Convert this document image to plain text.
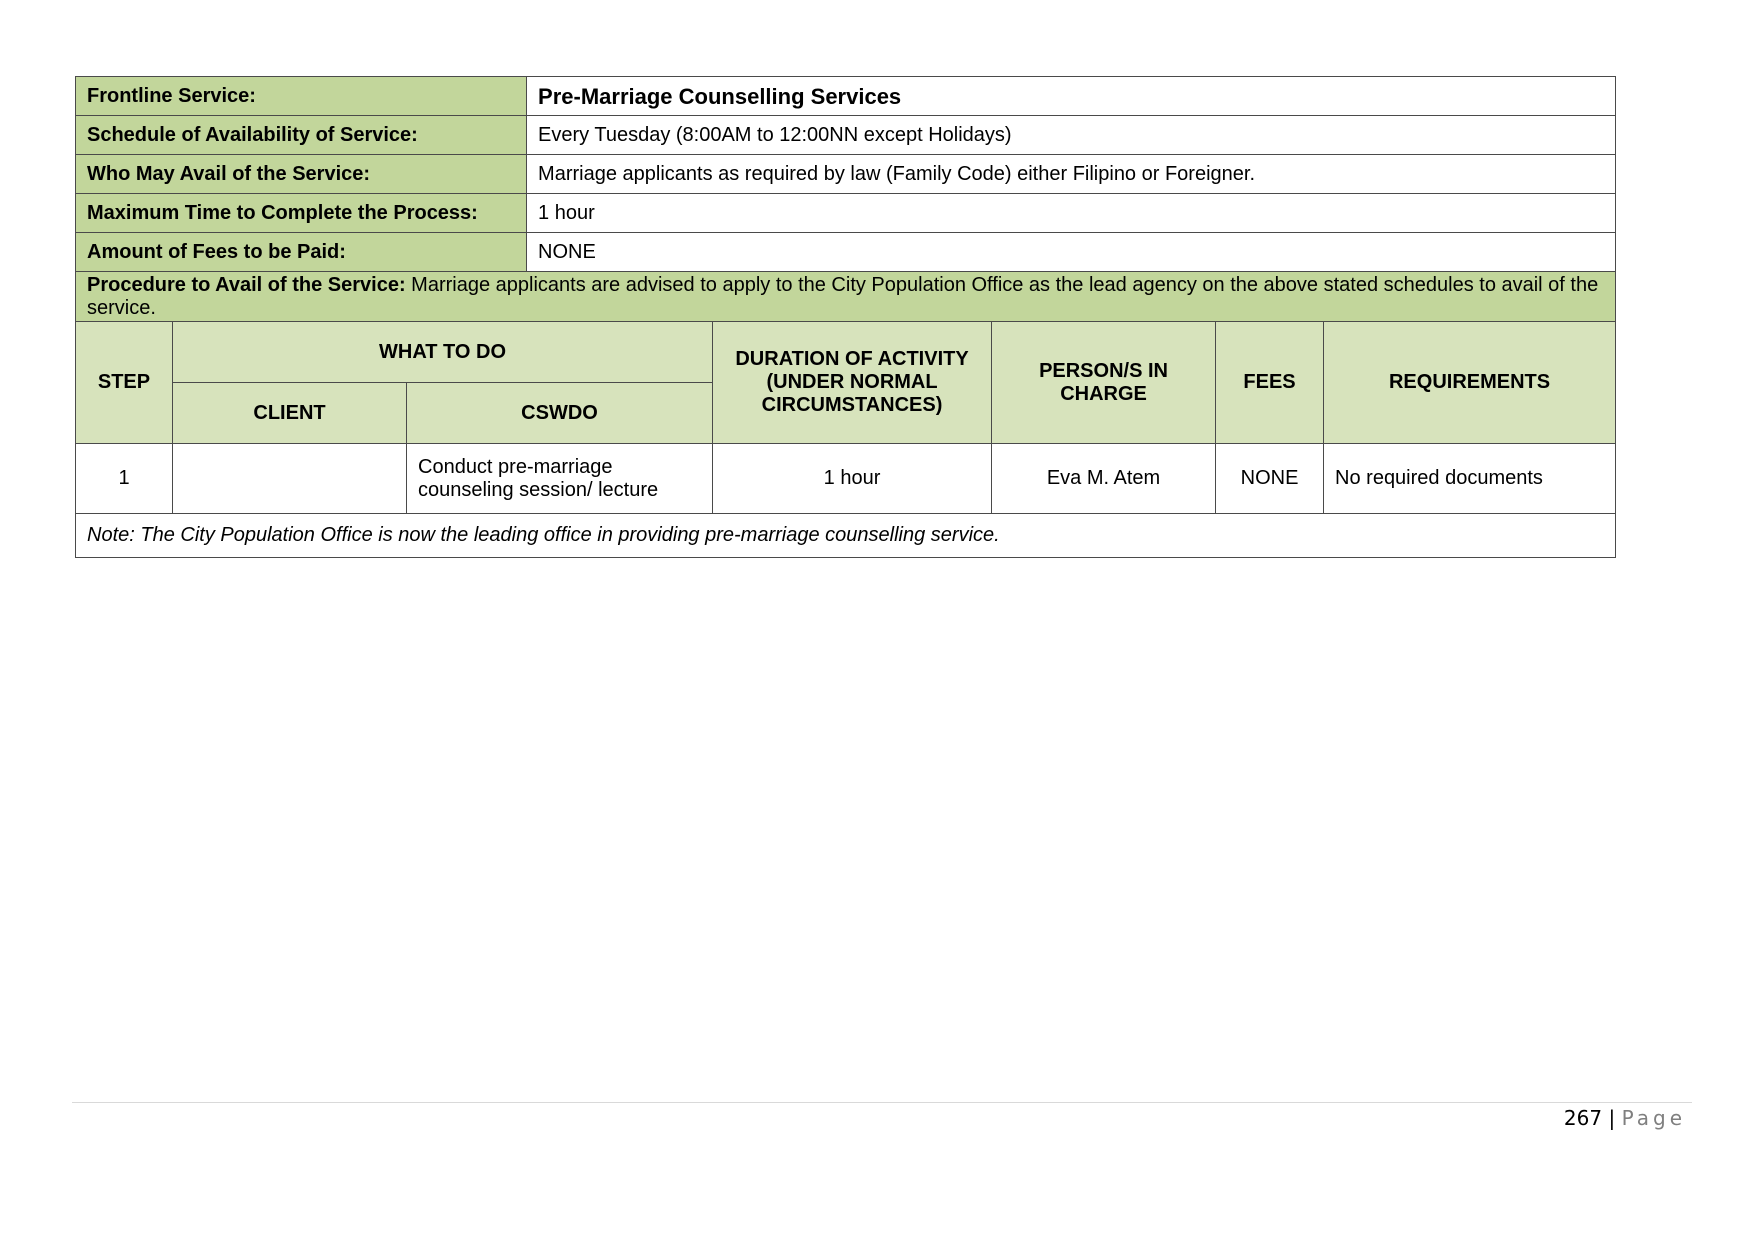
Frontline Service:			Pre-Marriage Counselling Services				
Schedule of Availability of Service:			Every Tuesday (8:00AM to 12:00NN except Holidays)				
Who May Avail of the Service:			Marriage applicants as required by law (Family Code) either Filipino or Foreigner.				
Maximum Time to Complete the Process:			1 hour				
Amount of Fees to be Paid:			NONE				
Procedure to Avail of the Service: Marriage applicants are advised to apply to the City Population Office as the lead agency on the above stated schedules to avail of the service.							
STEP	WHAT TO DO			DURATION OF ACTIVITY (UNDER NORMAL CIRCUMSTANCES)	PERSON/S IN CHARGE	FEES	REQUIREMENTS
	CLIENT	CSWDO					
1		Conduct pre-marriage counseling session/ lecture		1 hour	Eva M. Atem	NONE	No required documents
Note: The City Population Office is now the leading office in providing pre-marriage counselling service.							
267 | Page
